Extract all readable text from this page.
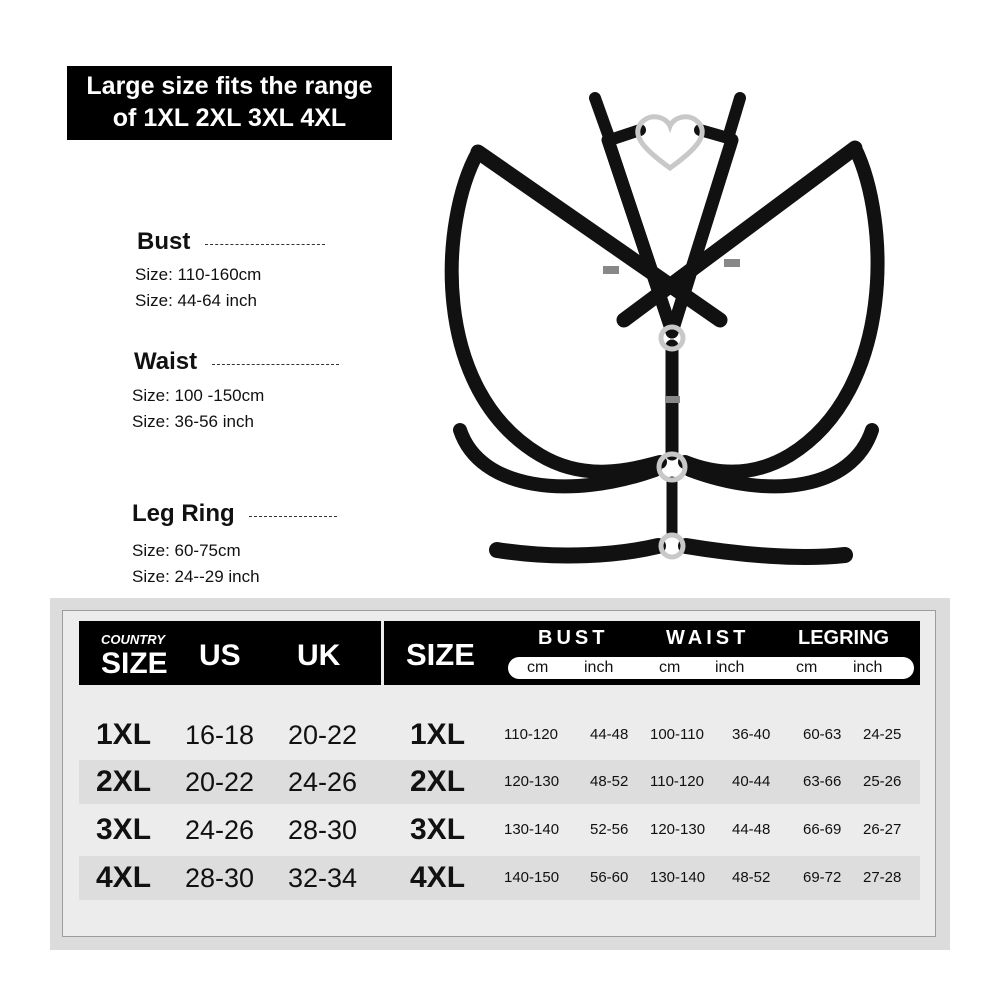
Large size fits the range
of 1XL 2XL 3XL 4XL
Bust
Size: 110-160cm
Size: 44-64 inch
Waist
Size: 100 -150cm
Size: 36-56 inch
Leg Ring
Size: 60-75cm
Size: 24--29 inch
COUNTRY
SIZE US UK SIZE	BUST	WAIST LEGRING
cm inch	cm inch	cm inch
1XL 16-18 20-22 1XL	110-120 44-48 100-110 36-40 60-63 24-25
2XL 20-22 24-26 2XL	120-130 48-52 110-120 40-44 63-66 25-26
3XL 24-26 28-30 3XL	130-140 52-56 120-130 44-48 66-69 26-27
4XL 28-30 32-34 4XL	140-150 56-60 130-140 48-52 69-72 27-28
